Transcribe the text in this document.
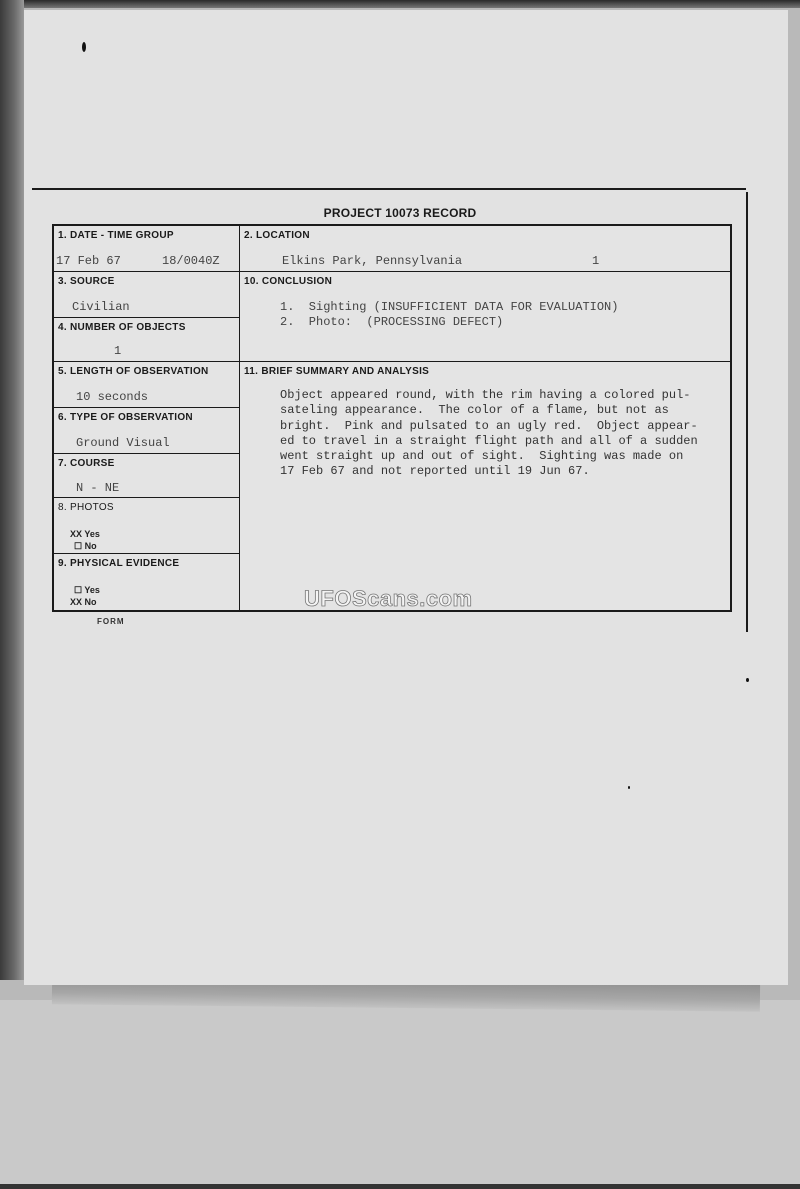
PROJECT 10073 RECORD
1. DATE - TIME GROUP
17 Feb 67	18/0040Z
2. LOCATION
Elkins Park, Pennsylvania	1
3. SOURCE
Civilian
4. NUMBER OF OBJECTS
1
10. CONCLUSION
1.  Sighting (INSUFFICIENT DATA FOR EVALUATION)
2.  Photo:  (PROCESSING DEFECT)
5. LENGTH OF OBSERVATION
10 seconds
6. TYPE OF OBSERVATION
Ground Visual
7. COURSE
N - NE
8. PHOTOS
XX Yes
☐ No
9. PHYSICAL EVIDENCE
☐ Yes
XX No
11. BRIEF SUMMARY AND ANALYSIS
Object appeared round, with the rim having a colored pul-
sateling appearance.  The color of a flame, but not as
bright.  Pink and pulsated to an ugly red.  Object appear-
ed to travel in a straight flight path and all of a sudden
went straight up and out of sight.  Sighting was made on
17 Feb 67 and not reported until 19 Jun 67.
UFOScans.com
FORM
